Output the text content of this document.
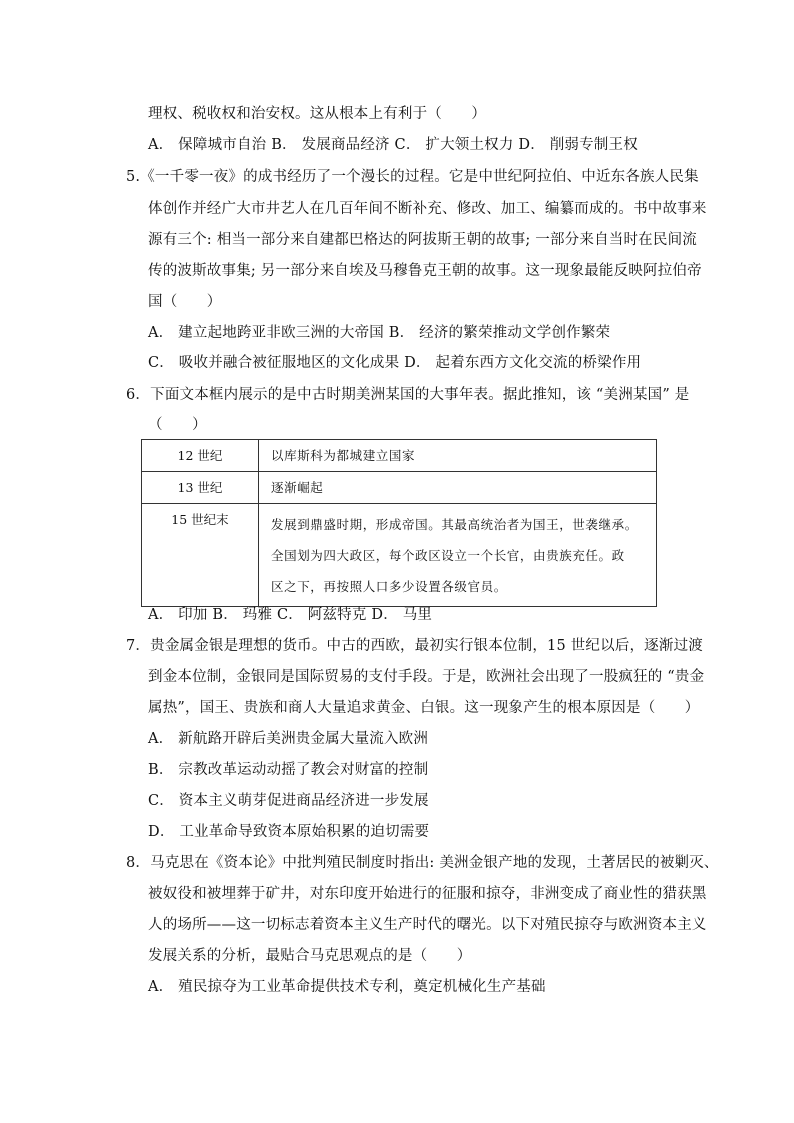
理权、税收权和治安权。这从根本上有利于（　　）
A． 保障城市自治 B． 发展商品经济 C． 扩大领土权力 D． 削弱专制王权
5.《一千零一夜》的成书经历了一个漫长的过程。它是中世纪阿拉伯、中近东各族人民集
体创作并经广大市井艺人在几百年间不断补充、修改、加工、编纂而成的。书中故事来
源有三个: 相当一部分来自建都巴格达的阿拔斯王朝的故事; 一部分来自当时在民间流
传的波斯故事集; 另一部分来自埃及马穆鲁克王朝的故事。这一现象最能反映阿拉伯帝
国（　　）
A． 建立起地跨亚非欧三洲的大帝国 B． 经济的繁荣推动文学创作繁荣
C． 吸收并融合被征服地区的文化成果 D． 起着东西方文化交流的桥梁作用
6．下面文本框内展示的是中古时期美洲某国的大事年表。据此推知，该 “美洲某国” 是
（　　）
12 世纪	以库斯科为都城建立国家
13 世纪	逐渐崛起
15 世纪末	发展到鼎盛时期，形成帝国。其最高统治者为国王，世袭继承。
全国划为四大政区，每个政区设立一个长官，由贵族充任。政
区之下，再按照人口多少设置各级官员。
A． 印加 B． 玛雅 C． 阿兹特克 D． 马里
7．贵金属金银是理想的货币。中古的西欧，最初实行银本位制，15 世纪以后，逐渐过渡
到金本位制，金银同是国际贸易的支付手段。于是，欧洲社会出现了一股疯狂的 “贵金
属热”，国王、贵族和商人大量追求黄金、白银。这一现象产生的根本原因是（　　）
A． 新航路开辟后美洲贵金属大量流入欧洲
B． 宗教改革运动动摇了教会对财富的控制
C． 资本主义萌芽促进商品经济进一步发展
D． 工业革命导致资本原始积累的迫切需要
8．马克思在《资本论》中批判殖民制度时指出: 美洲金银产地的发现，土著居民的被剿灭、
被奴役和被埋葬于矿井，对东印度开始进行的征服和掠夺，非洲变成了商业性的猎获黑
人的场所——这一切标志着资本主义生产时代的曙光。以下对殖民掠夺与欧洲资本主义
发展关系的分析，最贴合马克思观点的是（　　）
A． 殖民掠夺为工业革命提供技术专利，奠定机械化生产基础
